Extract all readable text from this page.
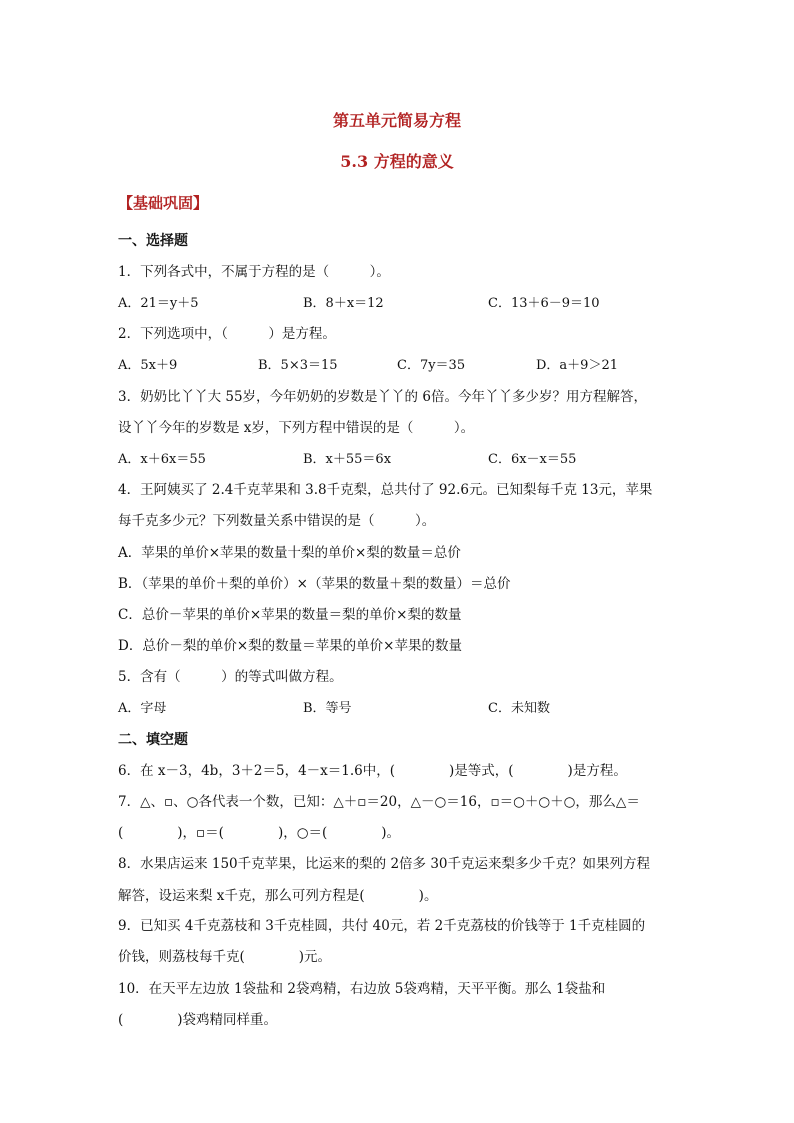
第五单元简易方程
5.3 方程的意义
【基础巩固】
一、选择题
1．下列各式中，不属于方程的是（　　　）。
A．21＝y＋5	B．8＋x＝12	C．13＋6－9＝10
2．下列选项中，（　　　）是方程。
A．5x＋9	B．5×3＝15	C．7y＝35	D．a＋9＞21
3．奶奶比丫丫大 55岁，今年奶奶的岁数是丫丫的 6倍。今年丫丫多少岁？用方程解答，
设丫丫今年的岁数是 x岁，下列方程中错误的是（　　　）。
A．x＋6x＝55	B．x＋55＝6x	C．6x－x＝55
4．王阿姨买了 2.4千克苹果和 3.8千克梨，总共付了 92.6元。已知梨每千克 13元，苹果
每千克多少元？下列数量关系中错误的是（　　　）。
A．苹果的单价×苹果的数量十梨的单价×梨的数量＝总价
B．（苹果的单价＋梨的单价）×（苹果的数量＋梨的数量）＝总价
C．总价－苹果的单价×苹果的数量＝梨的单价×梨的数量
D．总价－梨的单价×梨的数量＝苹果的单价×苹果的数量
5．含有（　　　）的等式叫做方程。
A．字母	B．等号	C．未知数
二、填空题
6．在 x－3，4b，3＋2＝5，4－x＝1.6中，(　　　　)是等式，(　　　　)是方程。
7．△、▫、○各代表一个数，已知：△＋▫＝20，△－○＝16，▫＝○＋○＋○，那么△＝
(　　　　)，▫＝(　　　　)，○＝(　　　　)。
8．水果店运来 150千克苹果，比运来的梨的 2倍多 30千克运来梨多少千克？如果列方程
解答，设运来梨 x千克，那么可列方程是(　　　　)。
9．已知买 4千克荔枝和 3千克桂圆，共付 40元，若 2千克荔枝的价钱等于 1千克桂圆的
价钱，则荔枝每千克(　　　　)元。
10．在天平左边放 1袋盐和 2袋鸡精，右边放 5袋鸡精，天平平衡。那么 1袋盐和
(　　　　)袋鸡精同样重。
